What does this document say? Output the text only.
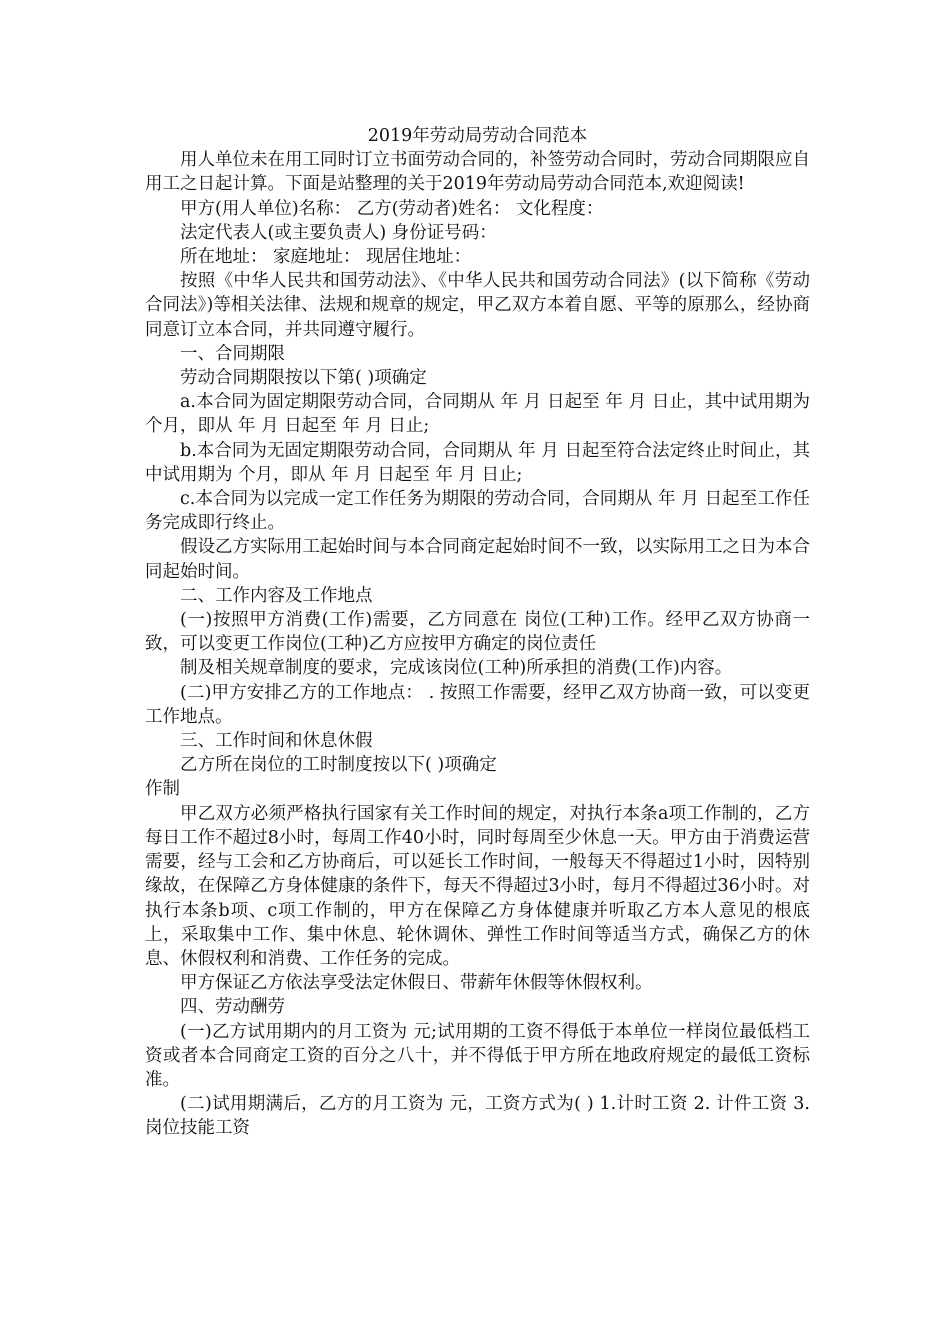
2019年劳动局劳动合同范本

用人单位未在用工同时订立书面劳动合同的，补签劳动合同时，劳动合同期限应自用工之日起计算。下面是站整理的关于2019年劳动局劳动合同范本,欢迎阅读!

甲方(用人单位)名称： 乙方(劳动者)姓名： 文化程度：

法定代表人(或主要负责人) 身份证号码：

所在地址： 家庭地址： 现居住地址：

按照《中华人民共和国劳动法》、《中华人民共和国劳动合同法》(以下简称《劳动合同法》)等相关法律、法规和规章的规定，甲乙双方本着自愿、平等的原那么，经协商同意订立本合同，并共同遵守履行。

一、合同期限

劳动合同期限按以下第( )项确定

a.本合同为固定期限劳动合同，合同期从 年 月 日起至 年 月 日止，其中试用期为 个月，即从 年 月 日起至 年 月 日止;

b.本合同为无固定期限劳动合同，合同期从 年 月 日起至符合法定终止时间止，其中试用期为 个月，即从 年 月 日起至 年 月 日止;

c.本合同为以完成一定工作任务为期限的劳动合同，合同期从 年 月 日起至工作任务完成即行终止。

假设乙方实际用工起始时间与本合同商定起始时间不一致，以实际用工之日为本合同起始时间。

二、工作内容及工作地点

(一)按照甲方消费(工作)需要，乙方同意在 岗位(工种)工作。经甲乙双方协商一致，可以变更工作岗位(工种)乙方应按甲方确定的岗位责任

制及相关规章制度的要求，完成该岗位(工种)所承担的消费(工作)内容。

(二)甲方安排乙方的工作地点： . 按照工作需要，经甲乙双方协商一致，可以变更工作地点。

三、工作时间和休息休假

乙方所在岗位的工时制度按以下( )项确定

作制

甲乙双方必须严格执行国家有关工作时间的规定，对执行本条a项工作制的，乙方每日工作不超过8小时，每周工作40小时，同时每周至少休息一天。甲方由于消费运营需要，经与工会和乙方协商后，可以延长工作时间，一般每天不得超过1小时，因特别缘故，在保障乙方身体健康的条件下，每天不得超过3小时，每月不得超过36小时。对执行本条b项、c项工作制的，甲方在保障乙方身体健康并听取乙方本人意见的根底上，采取集中工作、集中休息、轮休调休、弹性工作时间等适当方式，确保乙方的休息、休假权利和消费、工作任务的完成。

甲方保证乙方依法享受法定休假日、带薪年休假等休假权利。

四、劳动酬劳

(一)乙方试用期内的月工资为 元;试用期的工资不得低于本单位一样岗位最低档工资或者本合同商定工资的百分之八十，并不得低于甲方所在地政府规定的最低工资标准。

(二)试用期满后，乙方的月工资为 元，工资方式为( ) 1.计时工资 2. 计件工资 3. 岗位技能工资
